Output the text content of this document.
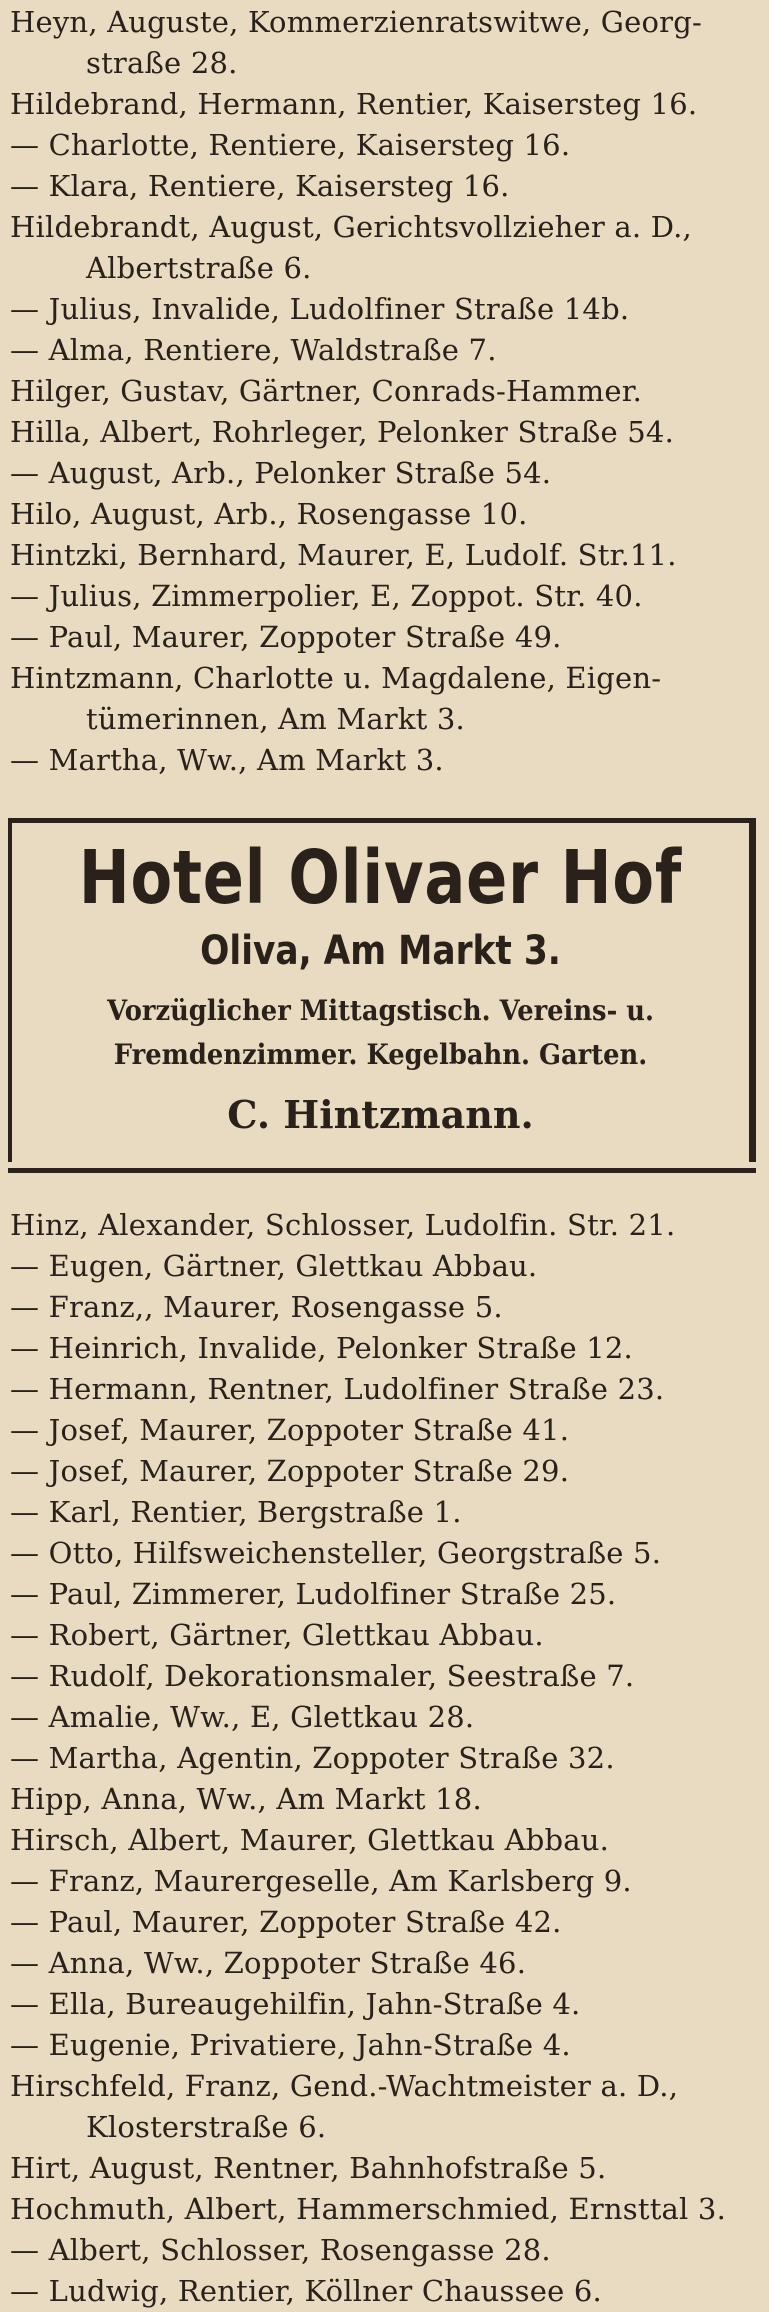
Heyn, Auguste, Kommerzienratswitwe, Georg-
straße 28.
Hildebrand, Hermann, Rentier, Kaisersteg 16.
— Charlotte, Rentiere, Kaisersteg 16.
— Klara, Rentiere, Kaisersteg 16.
Hildebrandt, August, Gerichtsvollzieher a. D.,
Albertstraße 6.
— Julius, Invalide, Ludolfiner Straße 14b.
— Alma, Rentiere, Waldstraße 7.
Hilger, Gustav, Gärtner, Conrads-Hammer.
Hilla, Albert, Rohrleger, Pelonker Straße 54.
— August, Arb., Pelonker Straße 54.
Hilo, August, Arb., Rosengasse 10.
Hintzki, Bernhard, Maurer, E, Ludolf. Str.11.
— Julius, Zimmerpolier, E, Zoppot. Str. 40.
— Paul, Maurer, Zoppoter Straße 49.
Hintzmann, Charlotte u. Magdalene, Eigen-
tümerinnen, Am Markt 3.
— Martha, Ww., Am Markt 3.
Hotel Olivaer Hof
Oliva, Am Markt 3.
Vorzüglicher Mittagstisch. Vereins- u.
Fremdenzimmer. Kegelbahn. Garten.
C. Hintzmann.
Hinz, Alexander, Schlosser, Ludolfin. Str. 21.
— Eugen, Gärtner, Glettkau Abbau.
— Franz,, Maurer, Rosengasse 5.
— Heinrich, Invalide, Pelonker Straße 12.
— Hermann, Rentner, Ludolfiner Straße 23.
— Josef, Maurer, Zoppoter Straße 41.
— Josef, Maurer, Zoppoter Straße 29.
— Karl, Rentier, Bergstraße 1.
— Otto, Hilfsweichensteller, Georgstraße 5.
— Paul, Zimmerer, Ludolfiner Straße 25.
— Robert, Gärtner, Glettkau Abbau.
— Rudolf, Dekorationsmaler, Seestraße 7.
— Amalie, Ww., E, Glettkau 28.
— Martha, Agentin, Zoppoter Straße 32.
Hipp, Anna, Ww., Am Markt 18.
Hirsch, Albert, Maurer, Glettkau Abbau.
— Franz, Maurergeselle, Am Karlsberg 9.
— Paul, Maurer, Zoppoter Straße 42.
— Anna, Ww., Zoppoter Straße 46.
— Ella, Bureaugehilfin, Jahn-Straße 4.
— Eugenie, Privatiere, Jahn-Straße 4.
Hirschfeld, Franz, Gend.-Wachtmeister a. D.,
Klosterstraße 6.
Hirt, August, Rentner, Bahnhofstraße 5.
Hochmuth, Albert, Hammerschmied, Ernsttal 3.
— Albert, Schlosser, Rosengasse 28.
— Ludwig, Rentier, Köllner Chaussee 6.
